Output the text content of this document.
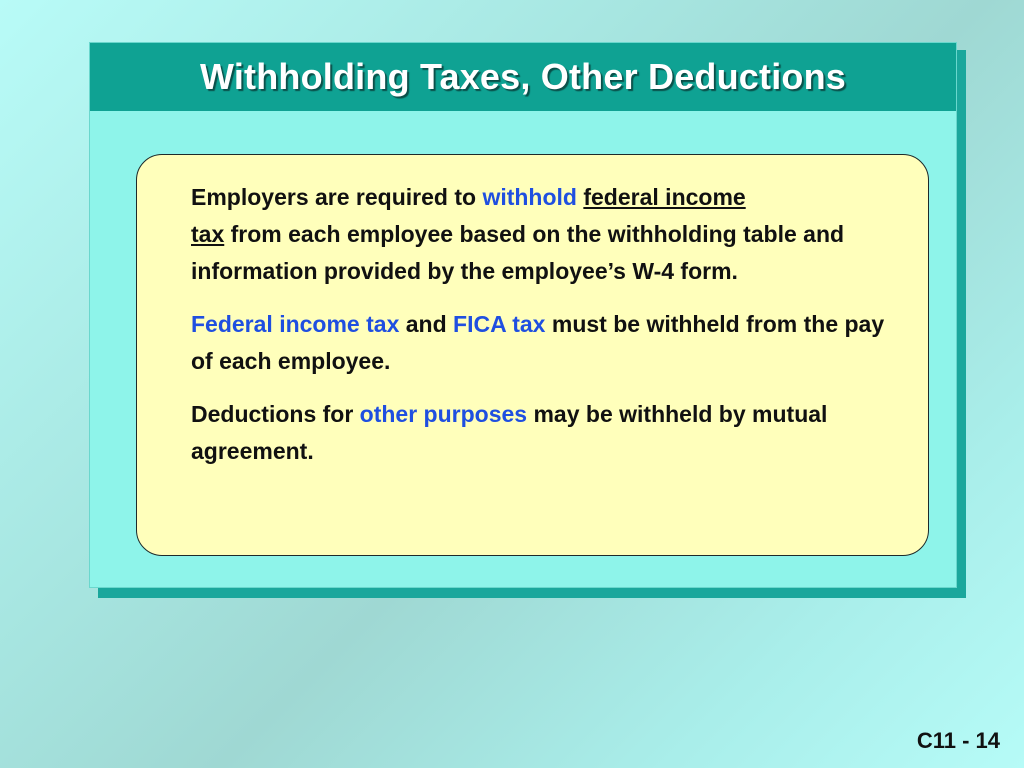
Withholding Taxes, Other Deductions

Employers are required to withhold federal income
tax from each employee based on the withholding table and information provided by the employee’s W-4 form.

Federal income tax and FICA tax must be withheld from the pay of each employee.

Deductions for other purposes may be withheld by mutual agreement.

C11 - 14
